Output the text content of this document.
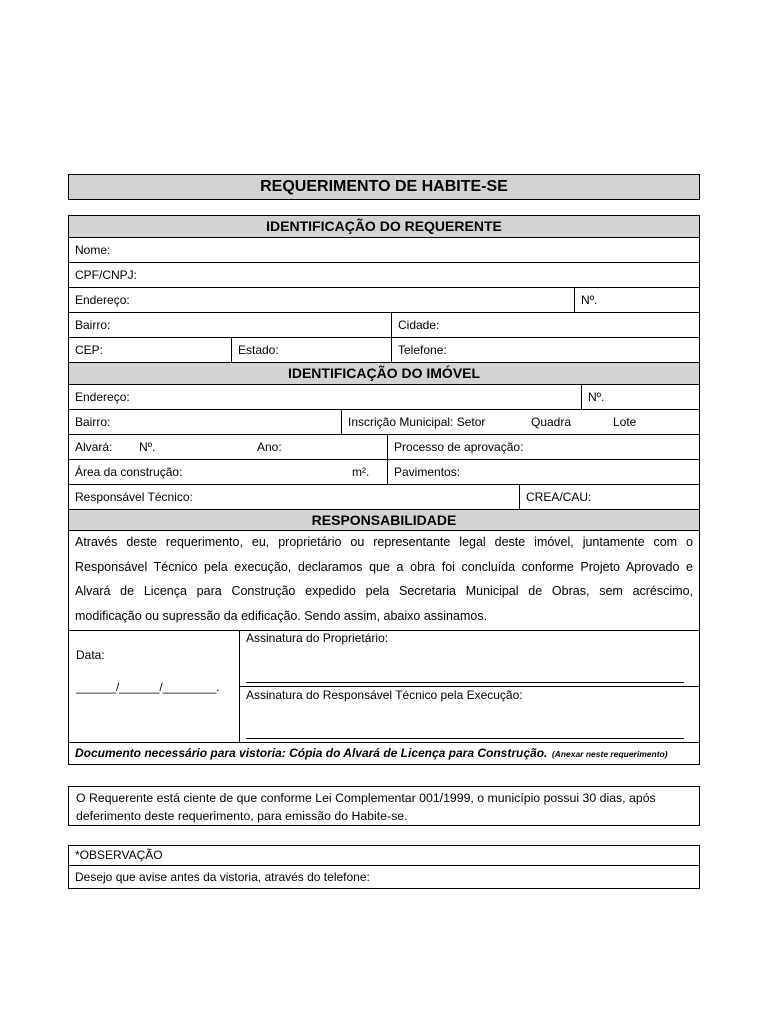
REQUERIMENTO DE HABITE-SE
IDENTIFICAÇÃO DO REQUERENTE
Nome:
CPF/CNPJ:
Endereço:	Nº.
Bairro:	Cidade:
CEP:	Estado:	Telefone:
IDENTIFICAÇÃO DO IMÓVEL
Endereço:	Nº.
Bairro:	Inscrição Municipal: Setor	Quadra	Lote
Alvará:	Nº.	Ano:	Processo de aprovação:
Área da construção:	m².	Pavimentos:
Responsável Técnico:	CREA/CAU:
RESPONSABILIDADE
Através deste requerimento, eu, proprietário ou representante legal deste imóvel, juntamente com o
Responsável Técnico pela execução, declaramos que a obra foi concluída conforme Projeto Aprovado e
Alvará de Licença para Construção expedido pela Secretaria Municipal de Obras, sem acréscimo,
modificação ou supressão da edificação. Sendo assim, abaixo assinamos.
Data:
______/______/________.
Assinatura do Proprietário:
Assinatura do Responsável Técnico pela Execução:
Documento necessário para vistoria: Cópia do Alvará de Licença para Construção. (Anexar neste requerimento)
O Requerente está ciente de que conforme Lei Complementar 001/1999, o município possui 30 dias, após
deferimento deste requerimento, para emissão do Habite-se.
*OBSERVAÇÃO
Desejo que avise antes da vistoria, através do telefone:
